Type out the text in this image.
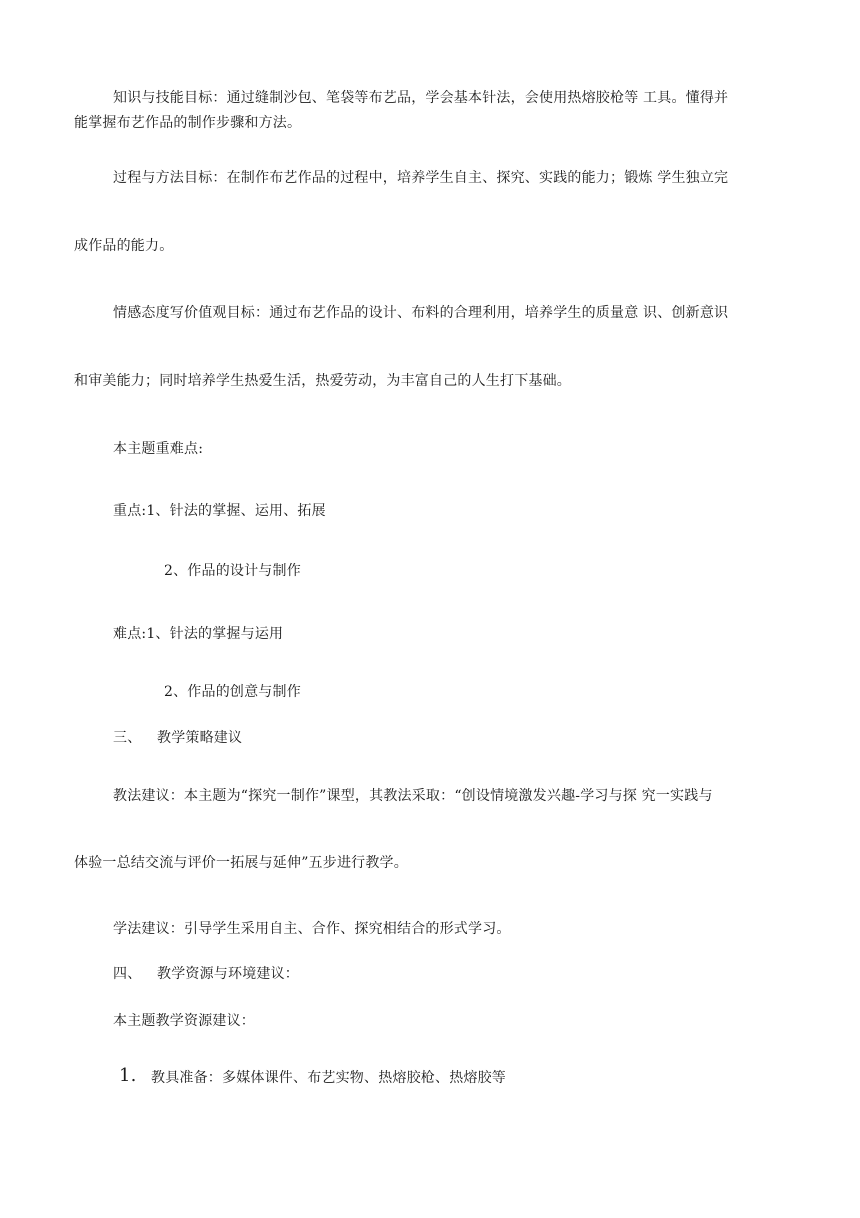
知识与技能目标：通过缝制沙包、笔袋等布艺品，学会基本针法，会使用热熔胶枪等 工具。懂得并
能掌握布艺作品的制作步骤和方法。
过程与方法目标：在制作布艺作品的过程中，培养学生自主、探究、实践的能力；锻炼 学生独立完
成作品的能力。
情感态度写价值观目标：通过布艺作品的设计、布料的合理利用，培养学生的质量意 识、创新意识
和审美能力；同时培养学生热爱生活，热爱劳动，为丰富自己的人生打下基础。
本主题重难点:
重点:1、针法的掌握、运用、拓展
2、作品的设计与制作
难点:1、针法的掌握与运用
2、作品的创意与制作
三、 教学策略建议
教法建议：本主题为“探究一制作”课型，其教法采取：“创设情境激发兴趣-学习与探 究一实践与
体验一总结交流与评价一拓展与延伸”五步进行教学。
学法建议：引导学生采用自主、合作、探究相结合的形式学习。
四、 教学资源与环境建议：
本主题教学资源建议：
1. 教具准备：多媒体课件、布艺实物、热熔胶枪、热熔胶等
